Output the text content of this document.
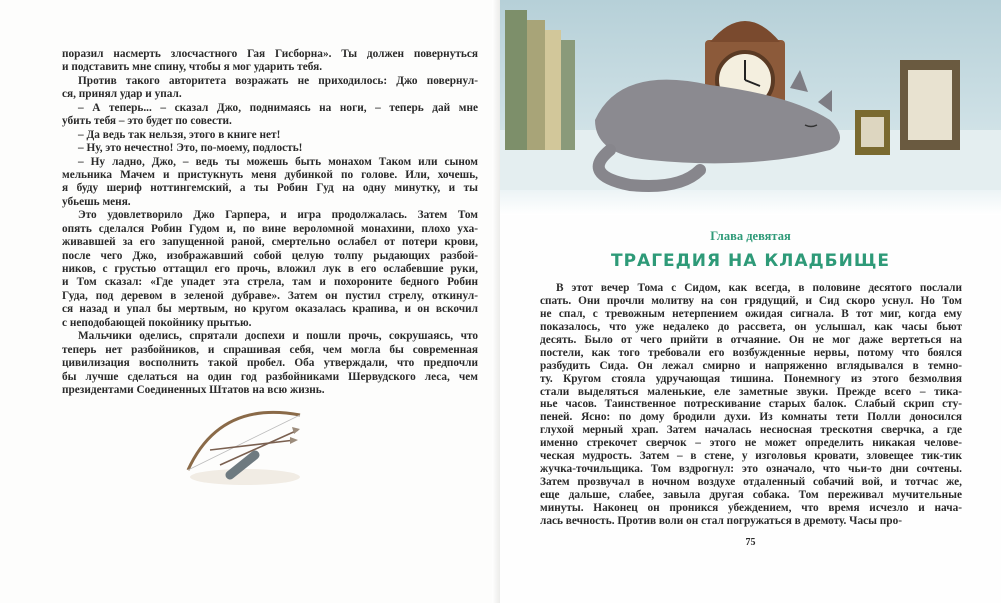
поразил насмерть злосчастного Гая Гисборна». Ты должен повернуться
и подставить мне спину, чтобы я мог ударить тебя.
Против такого авторитета возражать не приходилось: Джо повернул-
ся, принял удар и упал.
– А теперь... – сказал Джо, поднимаясь на ноги, – теперь дай мне
убить тебя – это будет по совести.
– Да ведь так нельзя, этого в книге нет!
– Ну, это нечестно! Это, по-моему, подлость!
– Ну ладно, Джо, – ведь ты можешь быть монахом Таком или сыном
мельника Мачем и пристукнуть меня дубинкой по голове. Или, хочешь,
я буду шериф ноттингемский, а ты Робин Гуд на одну минутку, и ты
убьешь меня.
Это удовлетворило Джо Гарпера, и игра продолжалась. Затем Том
опять сделался Робин Гудом и, по вине вероломной монахини, плохо уха-
живавшей за его запущенной раной, смертельно ослабел от потери крови,
после чего Джо, изображавший собой целую толпу рыдающих разбой-
ников, с грустью оттащил его прочь, вложил лук в его ослабевшие руки,
и Том сказал: «Где упадет эта стрела, там и похороните бедного Робин
Гуда, под деревом в зеленой дубраве». Затем он пустил стрелу, откинул-
ся назад и упал бы мертвым, но кругом оказалась крапива, и он вскочил
с неподобающей покойнику прытью.
Мальчики оделись, спрятали доспехи и пошли прочь, сокрушаясь, что
теперь нет разбойников, и спрашивая себя, чем могла бы современная
цивилизация восполнить такой пробел. Оба утверждали, что предпочли
бы лучше сделаться на один год разбойниками Шервудского леса, чем
президентами Соединенных Штатов на всю жизнь.
Глава девятая
ТРАГЕДИЯ НА КЛАДБИЩЕ
В этот вечер Тома с Сидом, как всегда, в половине десятого послали
спать. Они прочли молитву на сон грядущий, и Сид скоро уснул. Но Том
не спал, с тревожным нетерпением ожидая сигнала. В тот миг, когда ему
показалось, что уже недалеко до рассвета, он услышал, как часы бьют
десять. Было от чего прийти в отчаяние. Он не мог даже вертеться на
постели, как того требовали его возбужденные нервы, потому что боялся
разбудить Сида. Он лежал смирно и напряженно вглядывался в темно-
ту. Кругом стояла удручающая тишина. Понемногу из этого безмолвия
стали выделяться маленькие, еле заметные звуки. Прежде всего – тика-
нье часов. Таинственное потрескивание старых балок. Слабый скрип сту-
пеней. Ясно: по дому бродили духи. Из комнаты тети Полли доносился
глухой мерный храп. Затем началась несносная трескотня сверчка, а где
именно стрекочет сверчок – этого не может определить никакая челове-
ческая мудрость. Затем – в стене, у изголовья кровати, зловещее тик-тик
жучка-точильщика. Том вздрогнул: это означало, что чьи-то дни сочтены.
Затем прозвучал в ночном воздухе отдаленный собачий вой, и тотчас же,
еще дальше, слабее, завыла другая собака. Том переживал мучительные
минуты. Наконец он проникся убеждением, что время исчезло и нача-
лась вечность. Против воли он стал погружаться в дремоту. Часы про-
75
